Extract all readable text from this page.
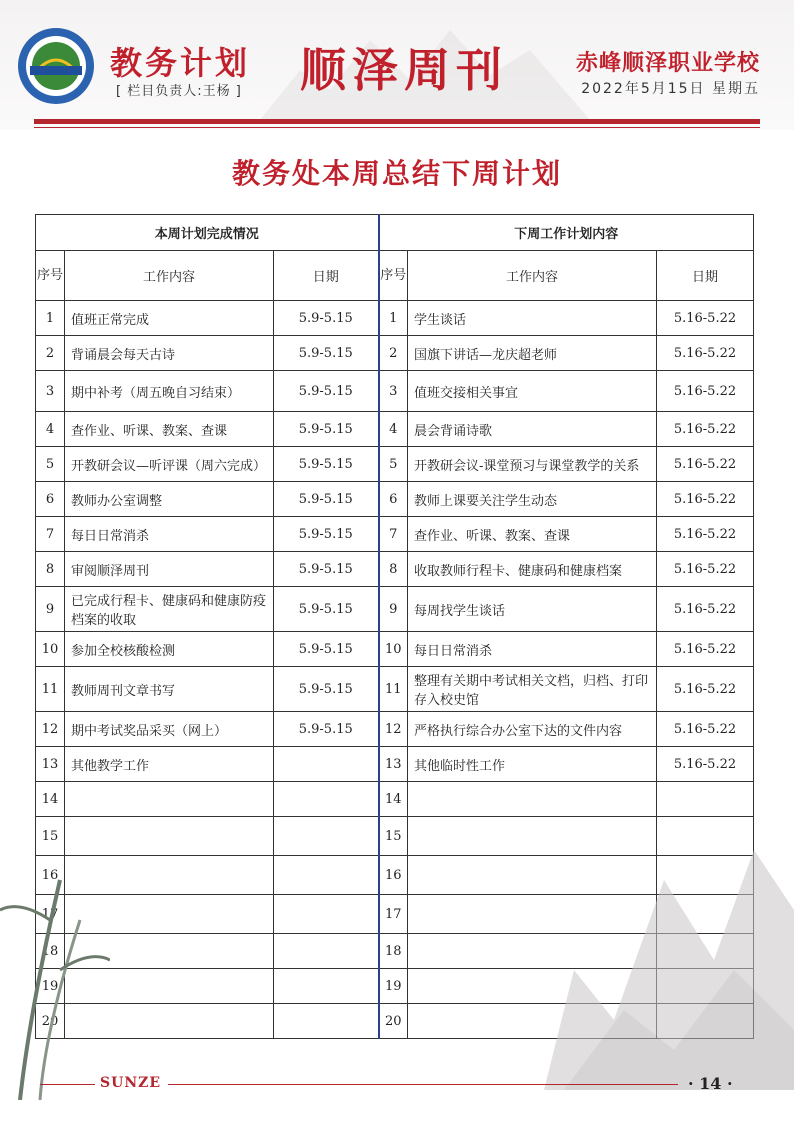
教务计划
[ 栏目负责人:王杨 ] 顺泽周刊	赤峰顺泽职业学校
2022年5月15日 星期五
教务处本周总结下周计划
本周计划完成情况			下周工作计划内容		
序号	工作内容	日期	序号	工作内容	日期
1	值班正常完成	5.9-5.15	1	学生谈话	5.16-5.22
2	背诵晨会每天古诗	5.9-5.15	2	国旗下讲话—龙庆超老师	5.16-5.22
3	期中补考（周五晚自习结束）	5.9-5.15	3	值班交接相关事宜	5.16-5.22
4	查作业、听课、教案、查课	5.9-5.15	4	晨会背诵诗歌	5.16-5.22
5	开教研会议—听评课（周六完成）	5.9-5.15	5	开教研会议-课堂预习与课堂教学的关系	5.16-5.22
6	教师办公室调整	5.9-5.15	6	教师上课要关注学生动态	5.16-5.22
7	每日日常消杀	5.9-5.15	7	查作业、听课、教案、查课	5.16-5.22
8	审阅顺泽周刊	5.9-5.15	8	收取教师行程卡、健康码和健康档案	5.16-5.22
9	已完成行程卡、健康码和健康防疫档案的收取	5.9-5.15	9	每周找学生谈话	5.16-5.22
10	参加全校核酸检测	5.9-5.15	10	每日日常消杀	5.16-5.22
11	教师周刊文章书写	5.9-5.15	11	整理有关期中考试相关文档，归档、打印存入校史馆	5.16-5.22
12	期中考试奖品采买（网上）	5.9-5.15	12	严格执行综合办公室下达的文件内容	5.16-5.22
13	其他教学工作		13	其他临时性工作	5.16-5.22
14			14		
15			15		
16			16		
17			17		
18			18		
19			19		
20			20		
SUNZE	· 14 ·
